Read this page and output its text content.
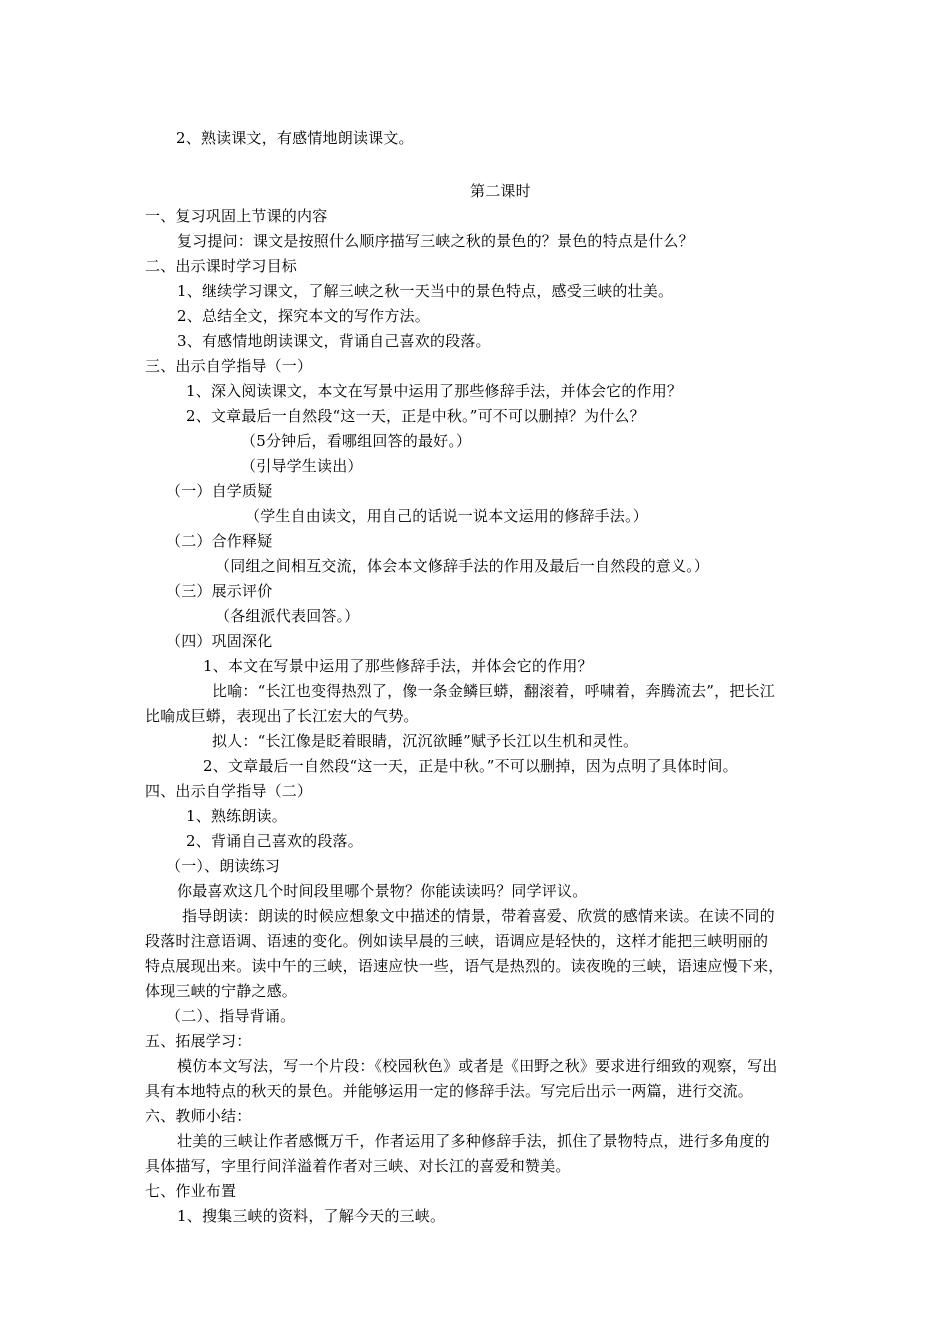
2、熟读课文，有感情地朗读课文。
第二课时
一、复习巩固上节课的内容
复习提问：课文是按照什么顺序描写三峡之秋的景色的？景色的特点是什么？
二、出示课时学习目标
1、继续学习课文，了解三峡之秋一天当中的景色特点，感受三峡的壮美。
2、总结全文，探究本文的写作方法。
3、有感情地朗读课文，背诵自己喜欢的段落。
三、出示自学指导（一）
1、深入阅读课文，本文在写景中运用了那些修辞手法，并体会它的作用？
2、文章最后一自然段“这一天，正是中秋。”可不可以删掉？为什么？
（5分钟后，看哪组回答的最好。）
（引导学生读出）
（一）自学质疑
（学生自由读文，用自己的话说一说本文运用的修辞手法。）
（二）合作释疑
（同组之间相互交流，体会本文修辞手法的作用及最后一自然段的意义。）
（三）展示评价
（各组派代表回答。）
（四）巩固深化
1、本文在写景中运用了那些修辞手法，并体会它的作用？
比喻：“长江也变得热烈了，像一条金鳞巨蟒，翻滚着，呼啸着，奔腾流去”，把长江
比喻成巨蟒，表现出了长江宏大的气势。
拟人：“长江像是眨着眼睛，沉沉欲睡”赋予长江以生机和灵性。
2、文章最后一自然段“这一天，正是中秋。”不可以删掉，因为点明了具体时间。
四、出示自学指导（二）
1、熟练朗读。
2、背诵自己喜欢的段落。
（一）、朗读练习
你最喜欢这几个时间段里哪个景物？你能读读吗？同学评议。
指导朗读：朗读的时候应想象文中描述的情景，带着喜爱、欣赏的感情来读。在读不同的
段落时注意语调、语速的变化。例如读早晨的三峡，语调应是轻快的，这样才能把三峡明丽的
特点展现出来。读中午的三峡，语速应快一些，语气是热烈的。读夜晚的三峡，语速应慢下来，
体现三峡的宁静之感。
（二）、指导背诵。
五、拓展学习：
模仿本文写法，写一个片段：《校园秋色》或者是《田野之秋》要求进行细致的观察，写出
具有本地特点的秋天的景色。并能够运用一定的修辞手法。写完后出示一两篇，进行交流。
六、教师小结：
壮美的三峡让作者感慨万千，作者运用了多种修辞手法，抓住了景物特点，进行多角度的
具体描写，字里行间洋溢着作者对三峡、对长江的喜爱和赞美。
七、作业布置
1、搜集三峡的资料，了解今天的三峡。
